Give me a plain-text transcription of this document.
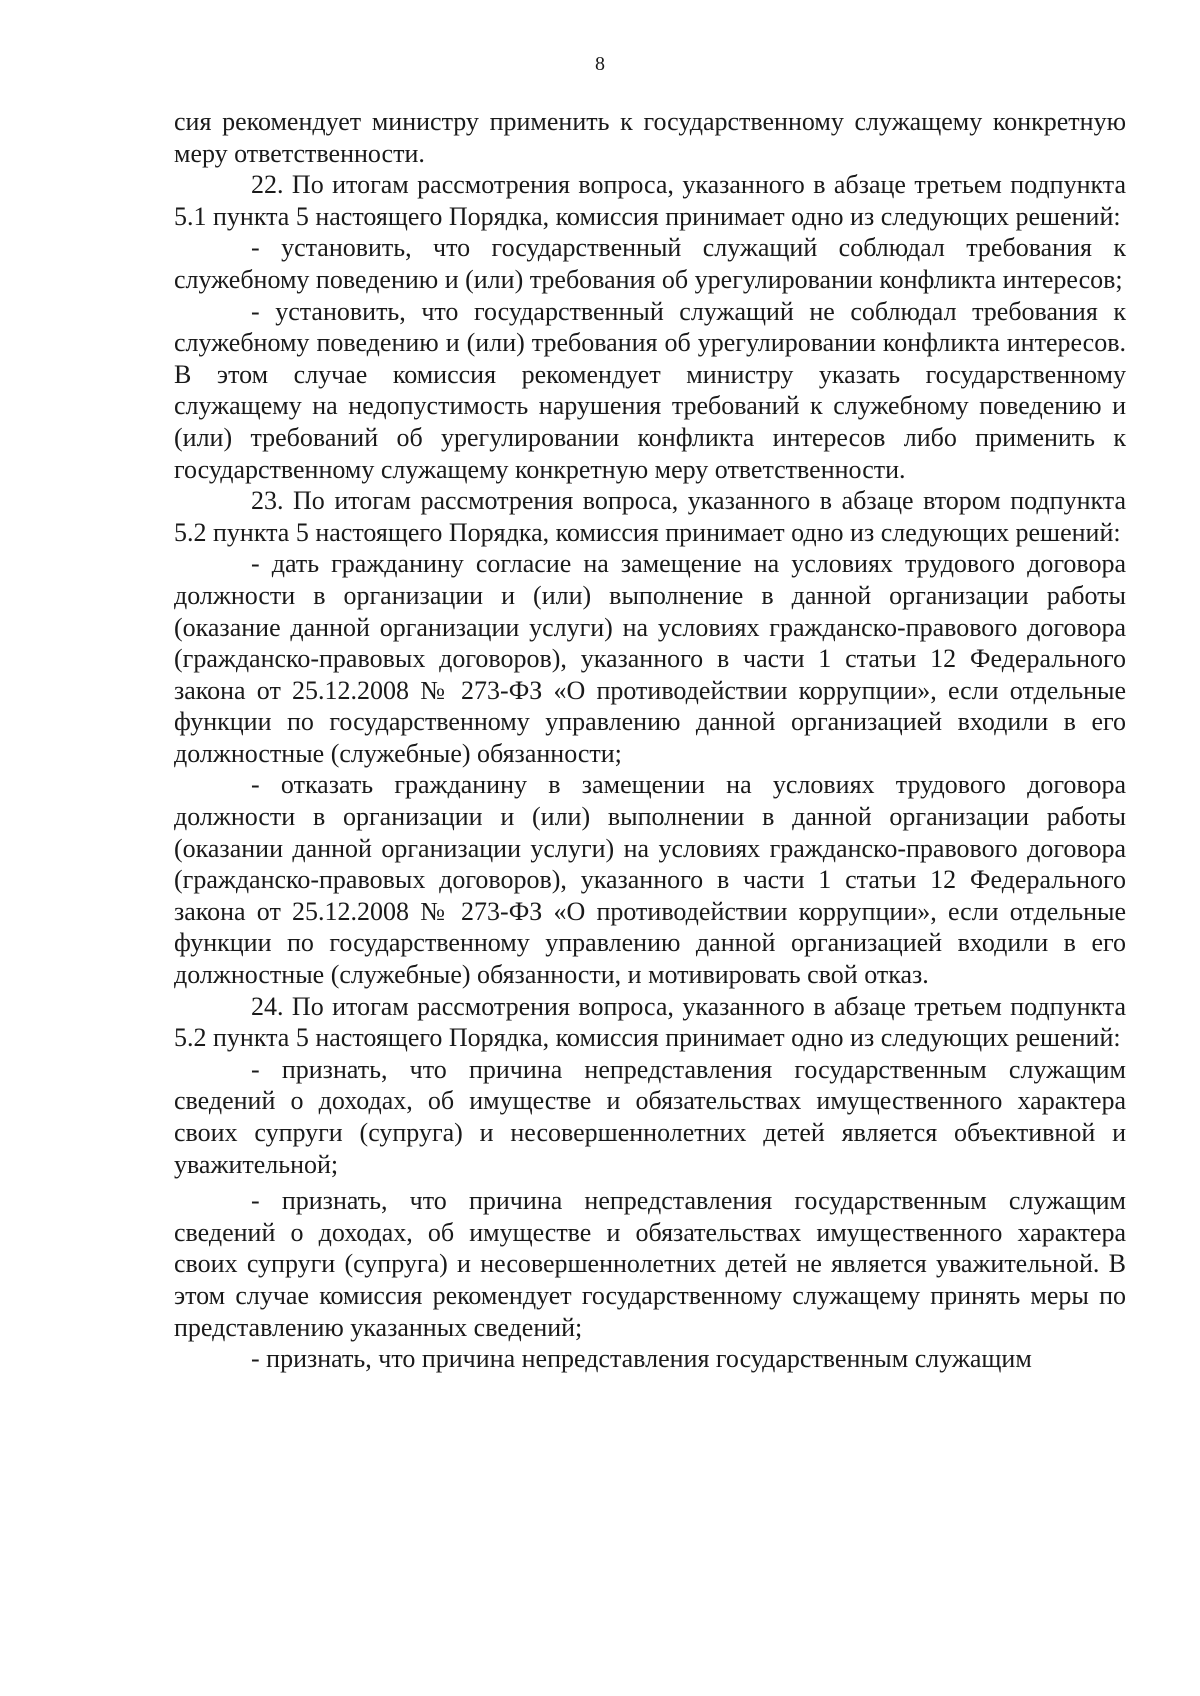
8

сия рекомендует министру применить к государственному служащему конкретную меру ответственности.

22. По итогам рассмотрения вопроса, указанного в абзаце третьем подпункта 5.1 пункта 5 настоящего Порядка, комиссия принимает одно из следующих решений:

- установить, что государственный служащий соблюдал требования к служебному поведению и (или) требования об урегулировании конфликта интересов;

- установить, что государственный служащий не соблюдал требования к служебному поведению и (или) требования об урегулировании конфликта интересов. В этом случае комиссия рекомендует министру указать государственному служащему на недопустимость нарушения требований к служебному поведению и (или) требований об урегулировании конфликта интересов либо применить к государственному служащему конкретную меру ответственности.

23. По итогам рассмотрения вопроса, указанного в абзаце втором подпункта 5.2 пункта 5 настоящего Порядка, комиссия принимает одно из следующих решений:

- дать гражданину согласие на замещение на условиях трудового договора должности в организации и (или) выполнение в данной организации работы (оказание данной организации услуги) на условиях гражданско-правового договора (гражданско-правовых договоров), указанного в части 1 статьи 12 Федерального закона от 25.12.2008 № 273-ФЗ «О противодействии коррупции», если отдельные функции по государственному управлению данной организацией входили в его должностные (служебные) обязанности;

- отказать гражданину в замещении на условиях трудового договора должности в организации и (или) выполнении в данной организации работы (оказании данной организации услуги) на условиях гражданско-правового договора (гражданско-правовых договоров), указанного в части 1 статьи 12 Федерального закона от 25.12.2008 № 273-ФЗ «О противодействии коррупции», если отдельные функции по государственному управлению данной организацией входили в его должностные (служебные) обязанности, и мотивировать свой отказ.

24. По итогам рассмотрения вопроса, указанного в абзаце третьем подпункта 5.2 пункта 5 настоящего Порядка, комиссия принимает одно из следующих решений:

- признать, что причина непредставления государственным служащим сведений о доходах, об имуществе и обязательствах имущественного характера своих супруги (супруга) и несовершеннолетних детей является объективной и уважительной;

- признать, что причина непредставления государственным служащим сведений о доходах, об имуществе и обязательствах имущественного характера своих супруги (супруга) и несовершеннолетних детей не является уважительной. В этом случае комиссия рекомендует государственному служащему принять меры по представлению указанных сведений;

- признать, что причина непредставления государственным служащим
